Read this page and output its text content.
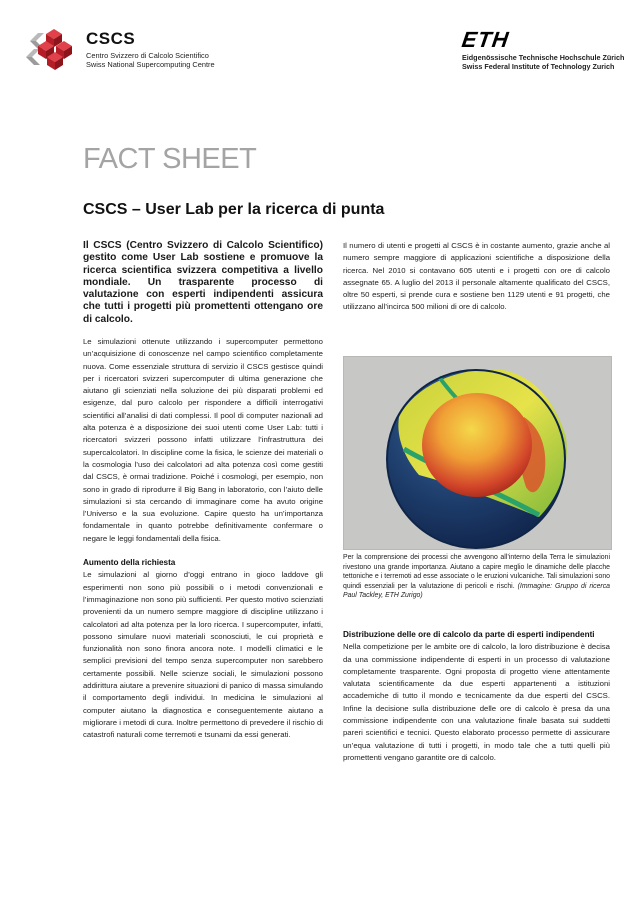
CSCS
Centro Svizzero di Calcolo Scientifico
Swiss National Supercomputing Centre
ETH
Eidgenössische Technische Hochschule Zürich
Swiss Federal Institute of Technology Zurich
FACT SHEET
CSCS – User Lab per la ricerca di punta
Il CSCS (Centro Svizzero di Calcolo Scientifico) gestito come User Lab sostiene e promuove la ricerca scientifica svizzera competitiva a livello mondiale. Un trasparente processo di valutazione con esperti indipendenti assicura che tutti i progetti più promettenti ottengano ore di calcolo.

Le simulazioni ottenute utilizzando i supercomputer permettono un’acquisizione di conoscenze nel campo scientifico completamente nuova. Come essenziale struttura di servizio il CSCS gestisce quindi per i ricercatori svizzeri supercomputer di ultima generazione che aiutano gli scienziati nella soluzione dei più disparati problemi ed esigenze, dal puro calcolo per rispondere a difficili interrogativi scientifici all’analisi di dati complessi. Il pool di computer nazionali ad alta potenza è a disposizione dei suoi utenti come User Lab: tutti i ricercatori svizzeri possono infatti utilizzare l’infrastruttura dei supercalcolatori. In discipline come la fisica, le scienze dei materiali o la cosmologia l’uso dei calcolatori ad alta potenza così come gestiti dal CSCS, è ormai tradizione. Poiché i cosmologi, per esempio, non sono in grado di riprodurre il Big Bang in laboratorio, con l’aiuto delle simulazioni si sta cercando di immaginare come ha avuto origine l’Universo e la sua evoluzione. Capire questo ha un’importanza fondamentale in quanto potrebbe definitivamente confermare o negare le leggi fondamentali della fisica.

Aumento della richiesta

Le simulazioni al giorno d’oggi entrano in gioco laddove gli esperimenti non sono più possibili o i metodi convenzionali e l’immaginazione non sono più sufficienti. Per questo motivo scienziati provenienti da un numero sempre maggiore di discipline utilizzano i calcolatori ad alta potenza per la loro ricerca. I supercomputer, infatti, possono simulare nuovi materiali sconosciuti, le cui proprietà e funzionalità non sono finora ancora note. I modelli climatici e le semplici previsioni del tempo senza supercomputer non sarebbero certamente possibili. Nelle scienze sociali, le simulazioni possono addirittura aiutare a prevenire situazioni di panico di massa simulando il comportamento degli individui. In medicina le simulazioni al computer aiutano la diagnostica e conseguentemente aiutano a migliorare i metodi di cura. Inoltre permettono di prevedere il rischio di catastrofi naturali come terremoti e tsunami da essi generati.

Il numero di utenti e progetti al CSCS è in costante aumento, grazie anche al numero sempre maggiore di applicazioni scientifiche a disposizione della ricerca. Nel 2010 si contavano 605 utenti e i progetti con ore di calcolo assegnate 65. A luglio del 2013 il personale altamente qualificato del CSCS, oltre 50 esperti, si prende cura e sostiene ben 1129 utenti e 91 progetti, che utilizzano all’incirca 500 milioni di ore di calcolo.

Per la comprensione dei processi che avvengono all’interno della Terra le simulazioni rivestono una grande importanza. Aiutano a capire meglio le dinamiche delle placche tettoniche e i terremoti ad esse associate o le eruzioni vulcaniche. Tali simulazioni sono quindi essenziali per la valutazione di pericoli e rischi. (Immagine: Gruppo di ricerca Paul Tackley, ETH Zurigo)

Distribuzione delle ore di calcolo da parte di esperti indipendenti

Nella competizione per le ambite ore di calcolo, la loro distribuzione è decisa da una commissione indipendente di esperti in un processo di valutazione completamente trasparente. Ogni proposta di progetto viene attentamente valutata scientificamente da due esperti appartenenti a istituzioni accademiche di tutto il mondo e tecnicamente da due esperti del CSCS. Infine la decisione sulla distribuzione delle ore di calcolo è presa da una commissione indipendente con una valutazione finale basata sui suddetti pareri scientifici e tecnici. Questo elaborato processo permette di assicurare un’equa valutazione di tutti i progetti, in modo tale che a tutti quelli più promettenti vengano garantite ore di calcolo.
